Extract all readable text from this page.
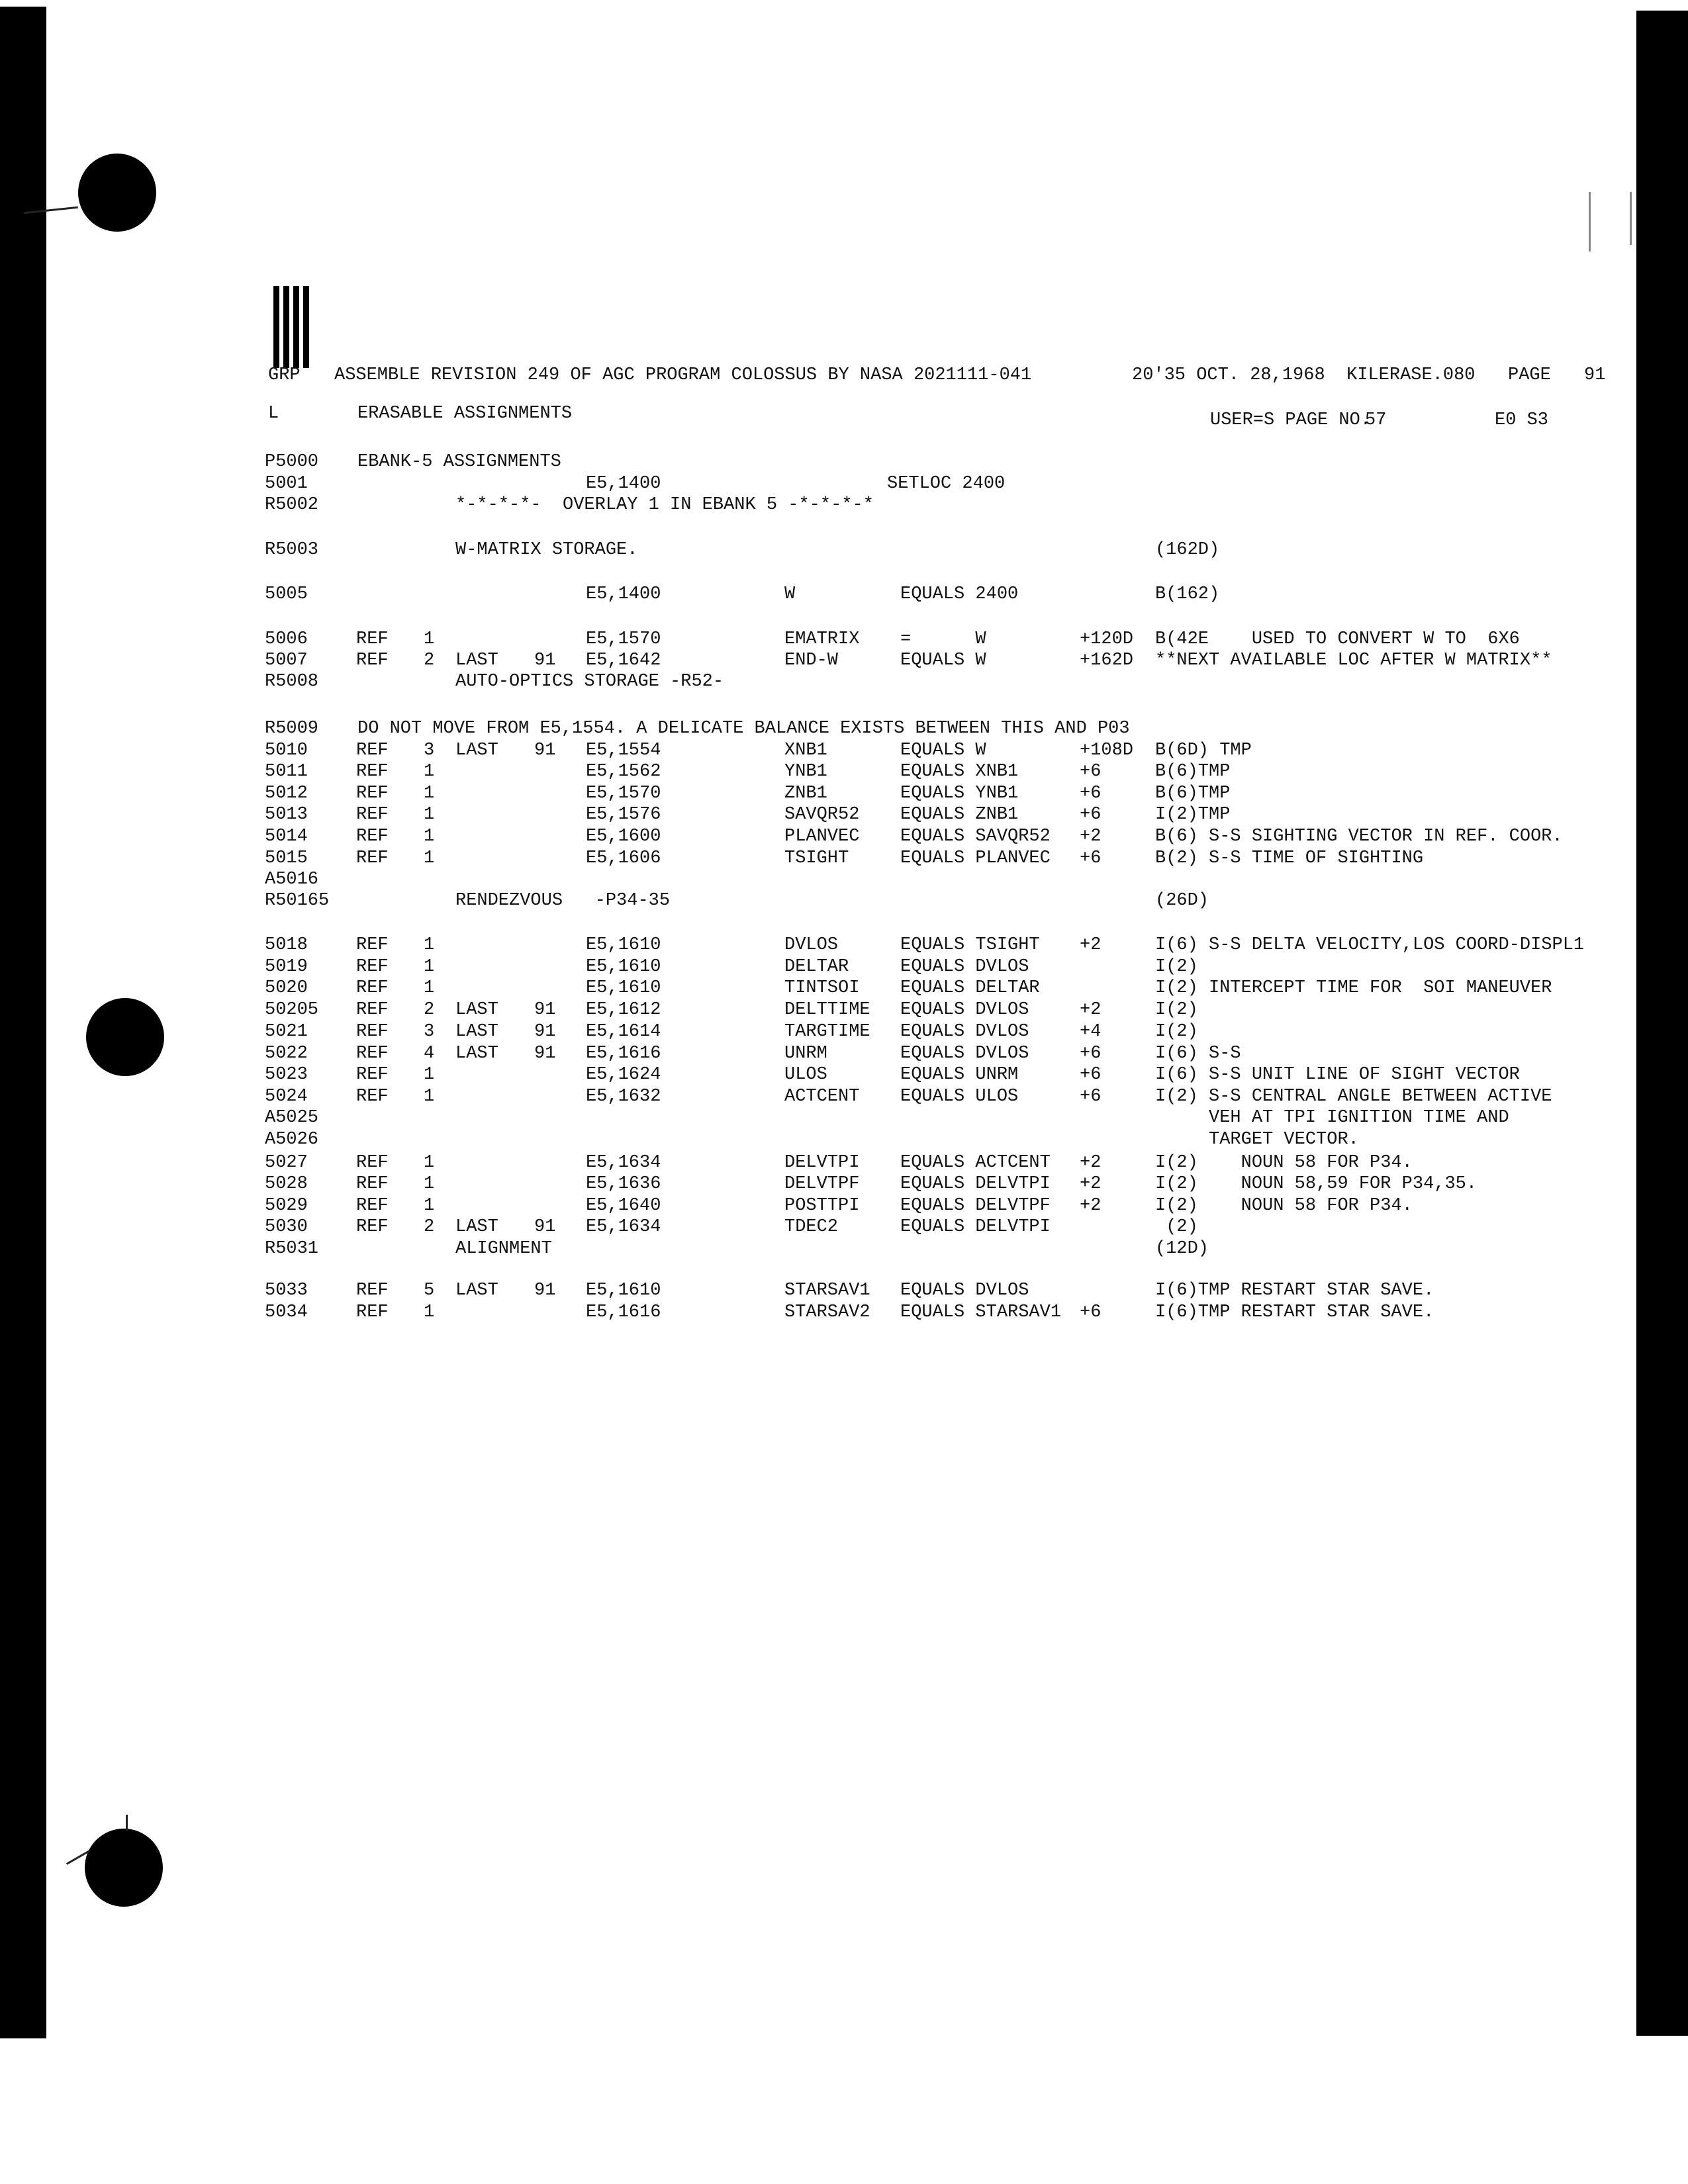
GRP ASSEMBLE REVISION 249 OF AGC PROGRAM COLOSSUS BY NASA 2021111-041	20'35 OCT. 28,1968 KILERASE.080 PAGE 91
L	ERASABLE ASSIGNMENTS	USER=S PAGE NO.
57	E0 S3
P5000 EBANK-5 ASSIGNMENTS
5001	E5,1400	SETLOC 2400
R5002	*-*-*-*-  OVERLAY 1 IN EBANK 5 -*-*-*-*
R5003	W-MATRIX STORAGE.	(162D)
5005	E5,1400	W	EQUALS 2400	B(162)
5006	REF 1	E5,1570	EMATRIX =      W	+120D B(42E    USED TO CONVERT W TO  6X6
5007	REF 2 LAST 91 E5,1642	END-W	EQUALS W	+162D **NEXT AVAILABLE LOC AFTER W MATRIX**
R5008	AUTO-OPTICS STORAGE -R52-
R5009 DO NOT MOVE FROM E5,1554. A DELICATE BALANCE EXISTS BETWEEN THIS AND P03
5010	REF 3 LAST 91 E5,1554	XNB1	EQUALS W	+108D B(6D) TMP
5011	REF 1	E5,1562	YNB1	EQUALS XNB1	+6	B(6)TMP
5012	REF 1	E5,1570	ZNB1	EQUALS YNB1	+6	B(6)TMP
5013	REF 1	E5,1576	SAVQR52 EQUALS ZNB1	+6	I(2)TMP
5014	REF 1	E5,1600	PLANVEC EQUALS SAVQR52 +2	B(6) S-S SIGHTING VECTOR IN REF. COOR.
5015	REF 1	E5,1606	TSIGHT	EQUALS PLANVEC +6	B(2) S-S TIME OF SIGHTING
A5016
R50165	RENDEZVOUS   -P34-35	(26D)
5018	REF 1	E5,1610	DVLOS	EQUALS TSIGHT +2	I(6) S-S DELTA VELOCITY,LOS COORD-DISPL1
5019	REF 1	E5,1610	DELTAR	EQUALS DVLOS	I(2)
5020	REF 1	E5,1610	TINTSOI EQUALS DELTAR	I(2) INTERCEPT TIME FOR  SOI MANEUVER
50205 REF 2 LAST 91 E5,1612	DELTTIME EQUALS DVLOS	+2	I(2)
5021	REF 3 LAST 91 E5,1614	TARGTIME EQUALS DVLOS	+4	I(2)
5022	REF 4 LAST 91 E5,1616	UNRM	EQUALS DVLOS	+6	I(6) S-S
5023	REF 1	E5,1624	ULOS	EQUALS UNRM	+6	I(6) S-S UNIT LINE OF SIGHT VECTOR
5024	REF 1	E5,1632	ACTCENT EQUALS ULOS	+6	I(2) S-S CENTRAL ANGLE BETWEEN ACTIVE
A5025	VEH AT TPI IGNITION TIME AND
A5026	TARGET VECTOR.
5027	REF 1	E5,1634	DELVTPI EQUALS ACTCENT +2	I(2)    NOUN 58 FOR P34.
5028	REF 1	E5,1636	DELVTPF EQUALS DELVTPI +2	I(2)    NOUN 58,59 FOR P34,35.
5029	REF 1	E5,1640	POSTTPI EQUALS DELVTPF +2	I(2)    NOUN 58 FOR P34.
5030	REF 2 LAST 91 E5,1634	TDEC2	EQUALS DELVTPI	(2)
R5031	ALIGNMENT	(12D)
5033	REF 5 LAST 91 E5,1610	STARSAV1 EQUALS DVLOS	I(6)TMP RESTART STAR SAVE.
5034	REF 1	E5,1616	STARSAV2 EQUALS STARSAV1 +6	I(6)TMP RESTART STAR SAVE.
